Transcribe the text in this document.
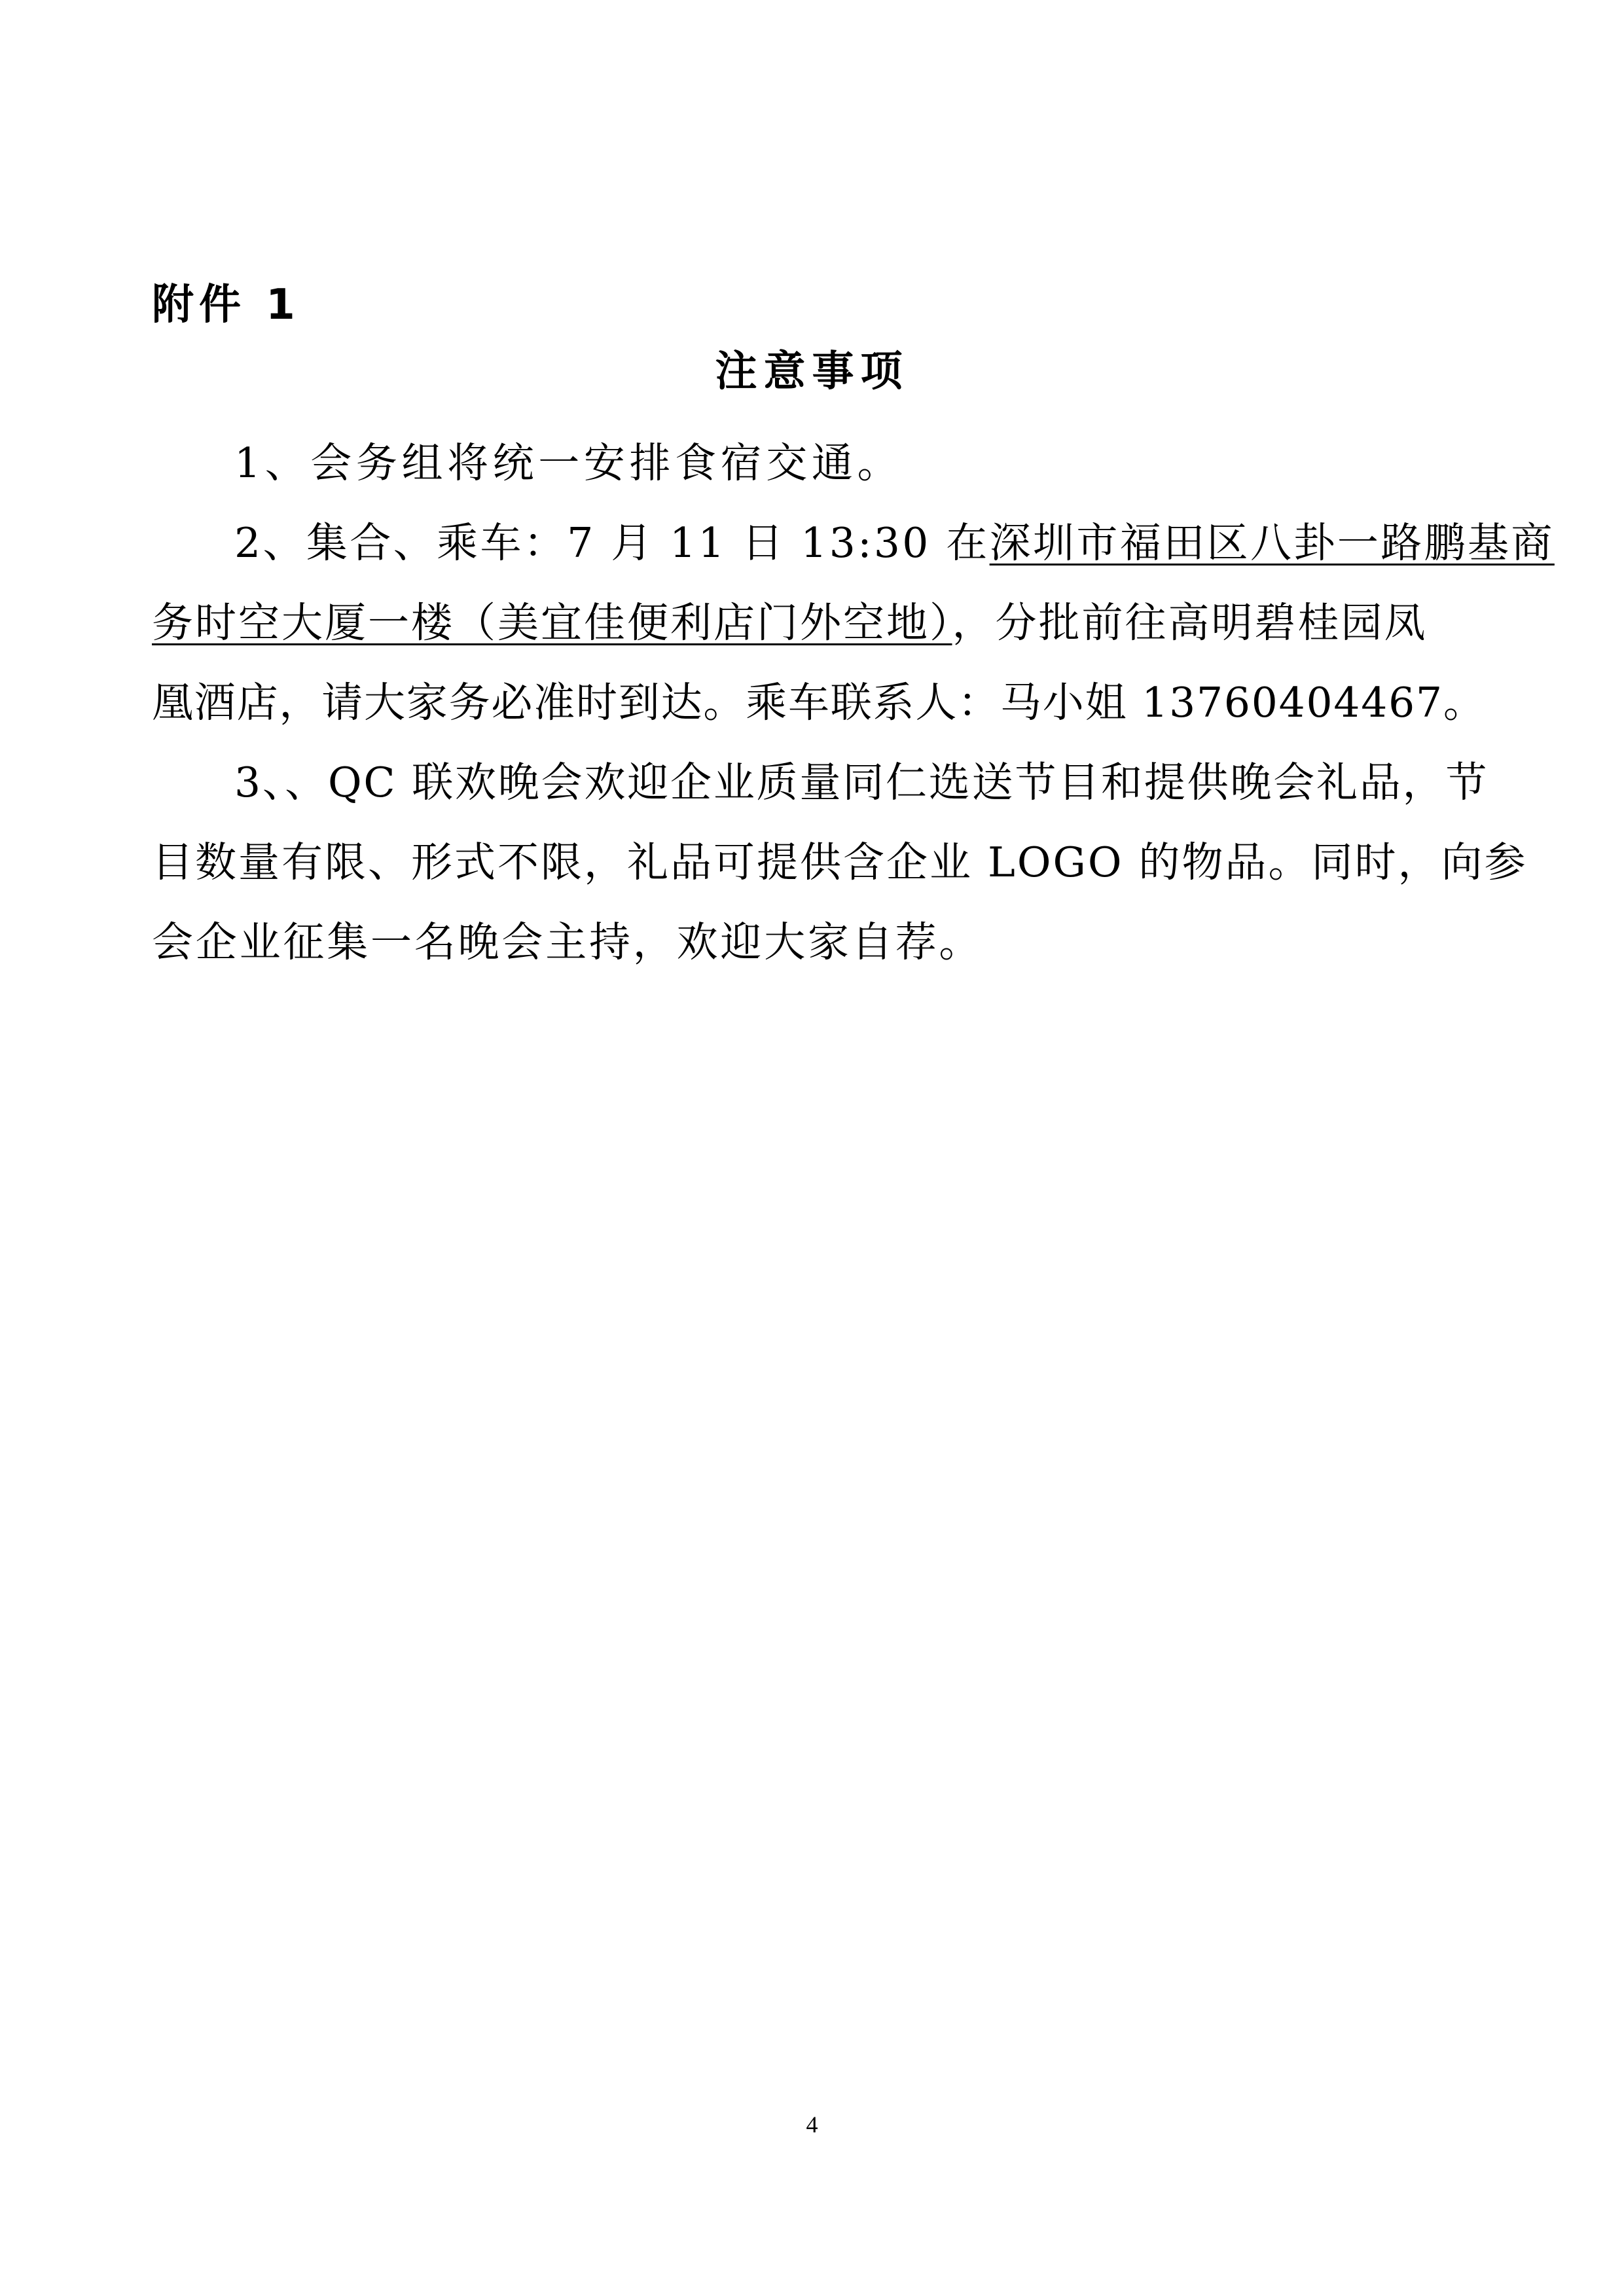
附件 1
注意事项
1、会务组将统一安排食宿交通。
2、集合、乘车：7 月 11 日 13:30 在深圳市福田区八卦一路鹏基商
务时空大厦一楼（美宜佳便利店门外空地），分批前往高明碧桂园凤
凰酒店，请大家务必准时到达。乘车联系人：马小姐 13760404467。
3、、QC 联欢晚会欢迎企业质量同仁选送节目和提供晚会礼品，节
目数量有限、形式不限，礼品可提供含企业 LOGO 的物品。同时，向参
会企业征集一名晚会主持，欢迎大家自荐。
4
